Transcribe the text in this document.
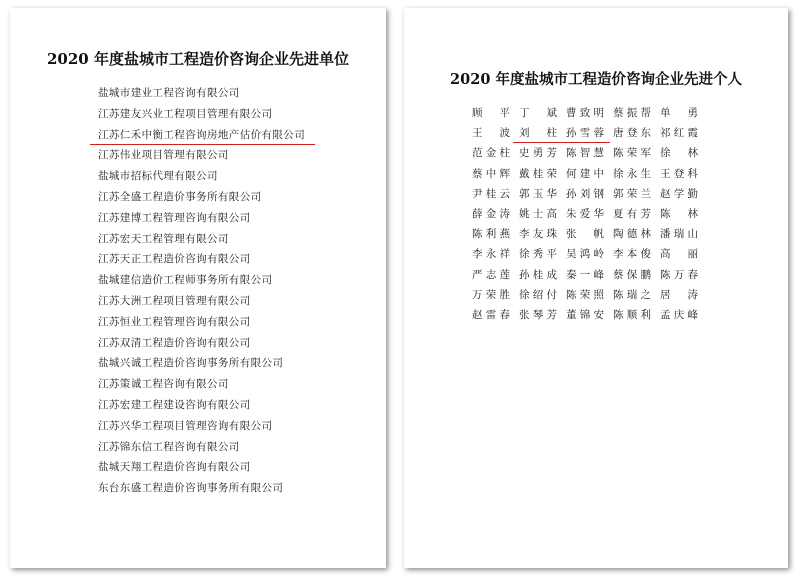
2020 年度盐城市工程造价咨询企业先进单位
盐城市建业工程咨询有限公司
江苏建友兴业工程项目管理有限公司
江苏仁禾中衡工程咨询房地产估价有限公司
江苏伟业项目管理有限公司
盐城市招标代理有限公司
江苏全盛工程造价事务所有限公司
江苏建博工程管理咨询有限公司
江苏宏天工程管理有限公司
江苏天正工程造价咨询有限公司
盐城建信造价工程师事务所有限公司
江苏大洲工程项目管理有限公司
江苏恒业工程管理咨询有限公司
江苏双清工程造价咨询有限公司
盐城兴诚工程造价咨询事务所有限公司
江苏策诚工程咨询有限公司
江苏宏建工程建设咨询有限公司
江苏兴华工程项目管理咨询有限公司
江苏锦东信工程咨询有限公司
盐城天翔工程造价咨询有限公司
东台东盛工程造价咨询事务所有限公司
2020 年度盐城市工程造价咨询企业先进个人
顾平 丁斌 曹致明 蔡振帮 单勇
王波 刘柱 孙雪蓉 唐登东 祁红霞
范金柱 史勇芳 陈智慧 陈荣军 徐林
蔡中辉 戴桂荣 何建中 徐永生 王登科
尹桂云 郭玉华 孙刘钢 郭荣兰 赵学勤
薛金涛 姚士高 朱爱华 夏有芳 陈林
陈利燕 李友珠 张帆 陶德林 潘瑞山
李永祥 徐秀平 吴鸿岭 李本俊 高丽
严志莲 孙桂成 秦一峰 蔡保鹏 陈万春
万荣胜 徐绍付 陈荣照 陈瑞之 居涛
赵雷春 张琴芳 董锦安 陈顺利 孟庆峰
